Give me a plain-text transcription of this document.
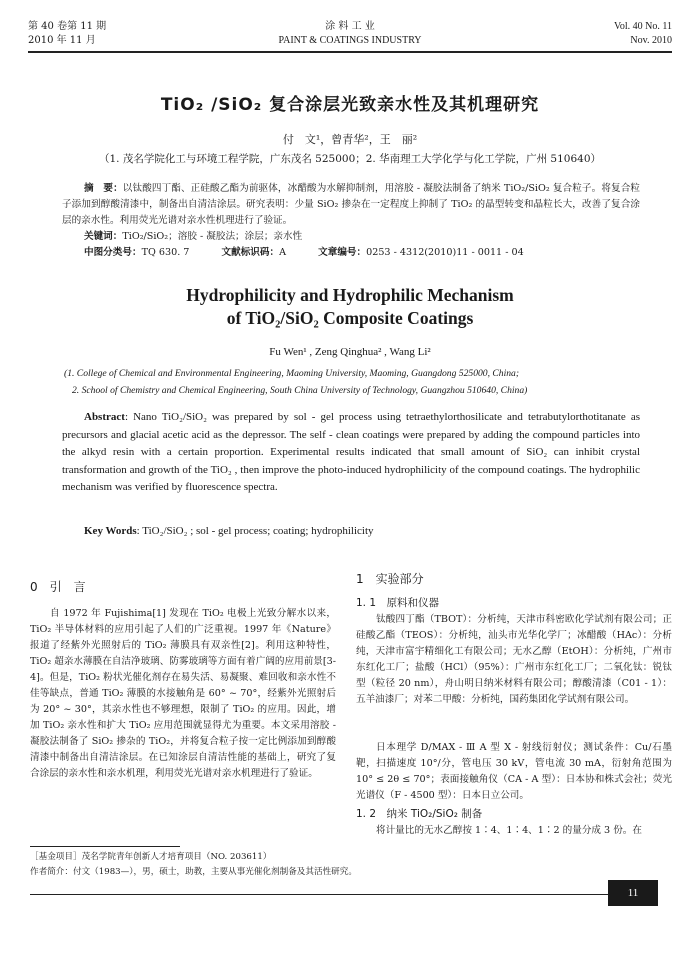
第 40 卷第 11 期
2010 年 11 月
涂 料 工 业
PAINT & COATINGS INDUSTRY
Vol. 40 No. 11
Nov. 2010
TiO₂ /SiO₂ 复合涂层光致亲水性及其机理研究
付　文¹，曾青华²，王　丽²
（1. 茂名学院化工与环境工程学院，广东茂名 525000；2. 华南理工大学化学与化工学院，广州 510640）
摘　要：以钛酸四丁酯、正硅酸乙酯为前驱体，冰醋酸为水解抑制剂，用溶胶 - 凝胶法制备了纳米 TiO₂/SiO₂ 复合粒子。将复合粒子添加到醇酸清漆中，制备出自清洁涂层。研究表明：少量 SiO₂ 掺杂在一定程度上抑制了 TiO₂ 的晶型转变和晶粒长大，改善了复合涂层的亲水性。利用荧光光谱对亲水性机理进行了验证。
关键词：TiO₂/SiO₂；溶胶 - 凝胶法；涂层；亲水性
中图分类号：TQ 630. 7	文献标识码：A	文章编号：0253 - 4312(2010)11 - 0011 - 04
Hydrophilicity and Hydrophilic Mechanism
of TiO₂/SiO₂ Composite Coatings
Fu Wen¹ , Zeng Qinghua² , Wang Li²
(1. College of Chemical and Environmental Engineering, Maoming University, Maoming, Guangdong 525000, China;
2. School of Chemistry and Chemical Engineering, South China University of Technology, Guangzhou 510640, China)
Abstract: Nano TiO₂/SiO₂ was prepared by sol - gel process using tetraethylorthosilicate and tetrabutylorthotitanate as precursors and glacial acetic acid as the depressor. The self - clean coatings were prepared by adding the compound particles into the alkyd resin with a certain proportion. Experimental results indicated that small amount of SiO₂ can inhibit crystal transformation and growth of the TiO₂ , then improve the photo-induced hydrophilicity of the compound coatings. The hydrophilic mechanism was verified by fluorescence spectra.
Key Words: TiO₂/SiO₂ ; sol - gel process; coating; hydrophilicity
0　引　言
自 1972 年 Fujishima[1] 发现在 TiO₂ 电极上光致分解水以来，TiO₂ 半导体材料的应用引起了人们的广泛重视。1997 年《Nature》报道了经紫外光照射后的 TiO₂ 薄膜具有双亲性[2]。利用这种特性，TiO₂ 超亲水薄膜在自洁净玻璃、防雾玻璃等方面有着广阔的应用前景[3-4]。但是，TiO₂ 粉状光催化剂存在易失活、易凝聚、难回收和亲水性不佳等缺点，普通 TiO₂ 薄膜的水接触角是 60° ~ 70°，经紫外光照射后为 20° ~ 30°，其亲水性也不够理想，限制了 TiO₂ 的应用。因此，增加 TiO₂ 亲水性和扩大 TiO₂ 应用范围就显得尤为重要。本文采用溶胶 - 凝胶法制备了 SiO₂ 掺杂的 TiO₂，并将复合粒子按一定比例添加到醇酸清漆中制备出自清洁涂层。在已知涂层自清洁性能的基础上，研究了复合涂层的亲水性和亲水机理，利用荧光光谱对亲水机理进行了验证。
1　实验部分
1. 1　原料和仪器
钛酸四丁酯（TBOT）：分析纯，天津市科密欧化学试剂有限公司；正硅酸乙酯（TEOS）：分析纯，汕头市光华化学厂；冰醋酸（HAc）：分析纯，天津市富宇精细化工有限公司；无水乙醇（EtOH）：分析纯，广州市东红化工厂；盐酸（HCl）（95%）：广州市东红化工厂；二氧化钛：锐钛型（粒径 20 nm），舟山明日纳米材料有限公司；醇酸清漆（C01 - 1）：五羊油漆厂；对苯二甲酸：分析纯，国药集团化学试剂有限公司。
日本理学 D/MAX - Ⅲ A 型 X - 射线衍射仪；测试条件：Cu/石墨靶，扫描速度 10°/分，管电压 30 kV，管电流 30 mA，衍射角范围为 10° ≤ 2θ ≤ 70°；表面接触角仪（CA - A 型）：日本协和株式会社；荧光光谱仪（F - 4500 型）：日本日立公司。
1. 2　纳米 TiO₂/SiO₂ 制备
将计量比的无水乙醇按 1∶4、1∶4、1∶2 的量分成 3 份。在
［基金项目］茂名学院青年创新人才培育项目（NO. 203611）
作者简介：付文（1983—），男，硕士，助教，主要从事光催化剂制备及其活性研究。
11
